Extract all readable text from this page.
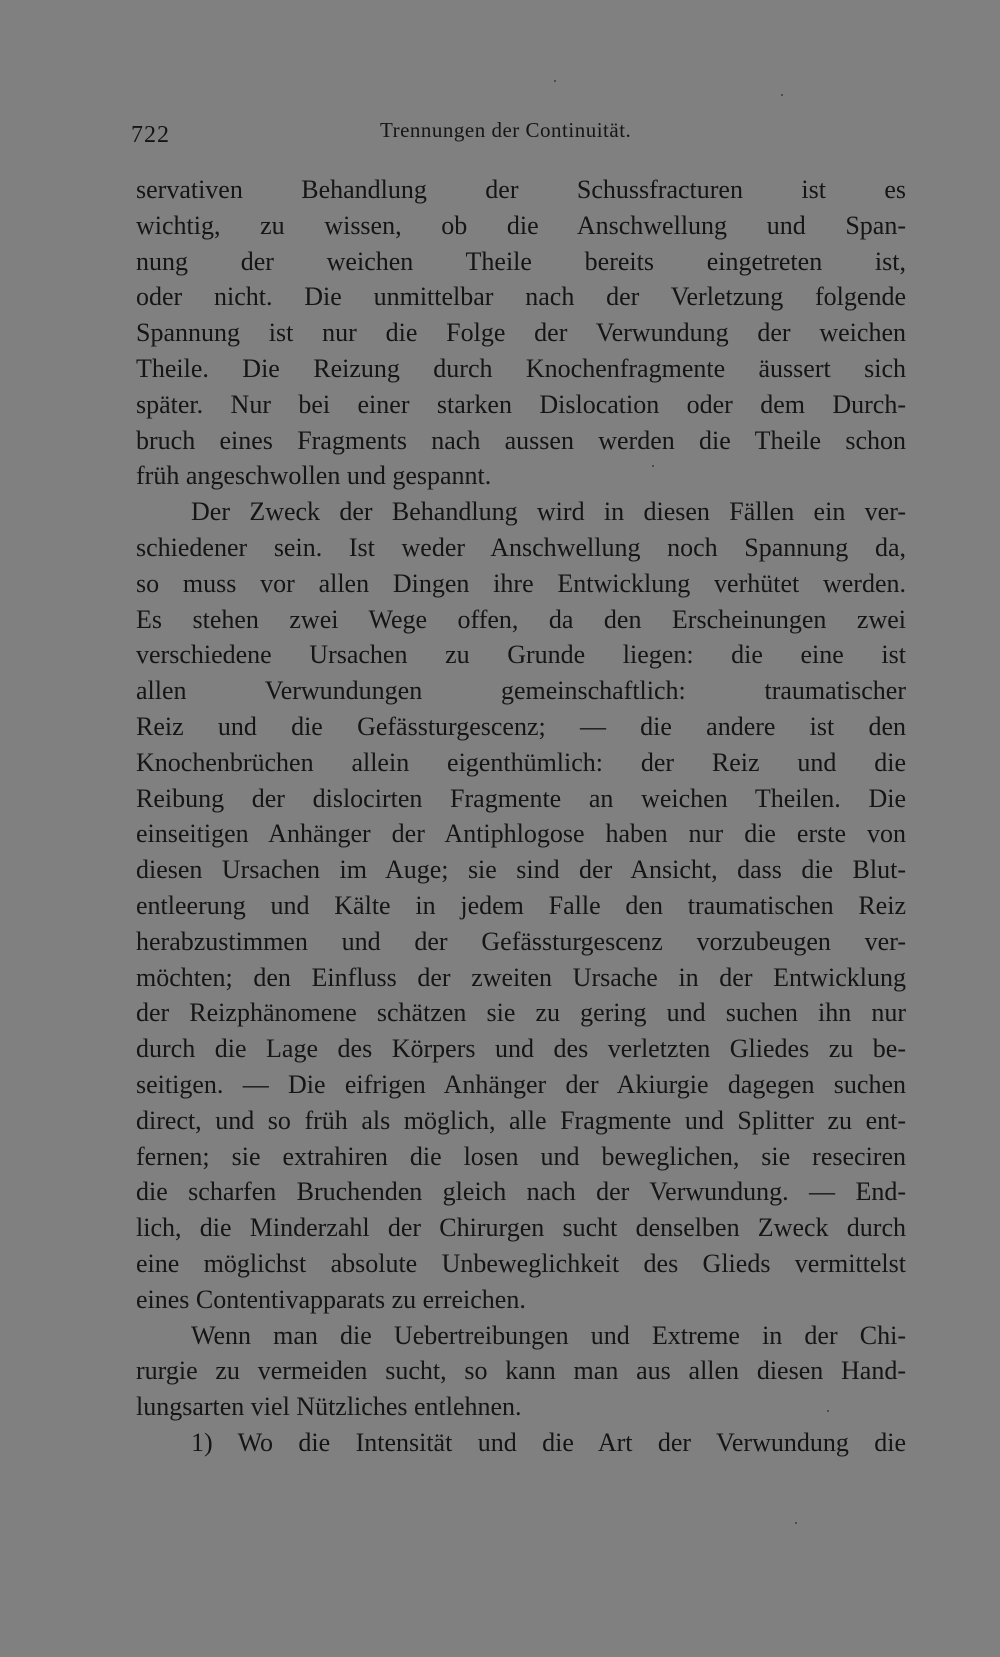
722	Trennungen der Continuität.
servativen Behandlung der Schussfracturen ist es
wichtig, zu wissen, ob die Anschwellung und Span-
nung der weichen Theile bereits eingetreten ist,
oder nicht. Die unmittelbar nach der Verletzung folgende
Spannung ist nur die Folge der Verwundung der weichen
Theile. Die Reizung durch Knochenfragmente äussert sich
später. Nur bei einer starken Dislocation oder dem Durch-
bruch eines Fragments nach aussen werden die Theile schon
früh angeschwollen und gespannt.
Der Zweck der Behandlung wird in diesen Fällen ein ver-
schiedener sein. Ist weder Anschwellung noch Spannung da,
so muss vor allen Dingen ihre Entwicklung verhütet werden.
Es stehen zwei Wege offen, da den Erscheinungen zwei
verschiedene Ursachen zu Grunde liegen: die eine ist
allen Verwundungen gemeinschaftlich: traumatischer
Reiz und die Gefässturgescenz; — die andere ist den
Knochenbrüchen allein eigenthümlich: der Reiz und die
Reibung der dislocirten Fragmente an weichen Theilen. Die
einseitigen Anhänger der Antiphlogose haben nur die erste von
diesen Ursachen im Auge; sie sind der Ansicht, dass die Blut-
entleerung und Kälte in jedem Falle den traumatischen Reiz
herabzustimmen und der Gefässturgescenz vorzubeugen ver-
möchten; den Einfluss der zweiten Ursache in der Entwicklung
der Reizphänomene schätzen sie zu gering und suchen ihn nur
durch die Lage des Körpers und des verletzten Gliedes zu be-
seitigen. — Die eifrigen Anhänger der Akiurgie dagegen suchen
direct, und so früh als möglich, alle Fragmente und Splitter zu ent-
fernen; sie extrahiren die losen und beweglichen, sie reseciren
die scharfen Bruchenden gleich nach der Verwundung. — End-
lich, die Minderzahl der Chirurgen sucht denselben Zweck durch
eine möglichst absolute Unbeweglichkeit des Glieds vermittelst
eines Contentivapparats zu erreichen.
Wenn man die Uebertreibungen und Extreme in der Chi-
rurgie zu vermeiden sucht, so kann man aus allen diesen Hand-
lungsarten viel Nützliches entlehnen.
1) Wo die Intensität und die Art der Verwundung die
